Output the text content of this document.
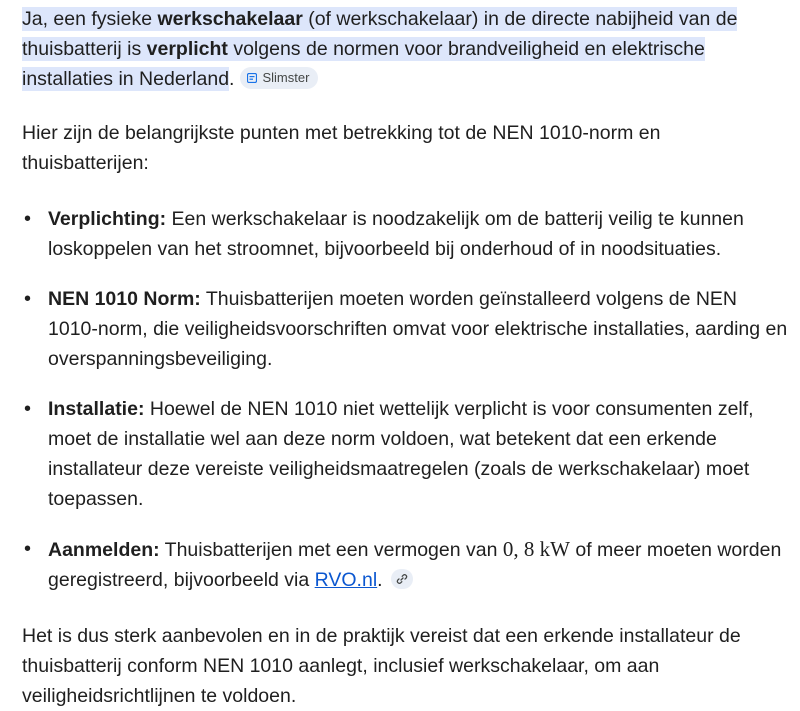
Ja, een fysieke werkschakelaar (of werkschakelaar) in de directe nabijheid van de thuisbatterij is verplicht volgens de normen voor brandveiligheid en elektrische installaties in Nederland. Slimster

Hier zijn de belangrijkste punten met betrekking tot de NEN 1010-norm en thuisbatterijen:

• Verplichting: Een werkschakelaar is noodzakelijk om de batterij veilig te kunnen loskoppelen van het stroomnet, bijvoorbeeld bij onderhoud of in noodsituaties.
• NEN 1010 Norm: Thuisbatterijen moeten worden geïnstalleerd volgens de NEN 1010-norm, die veiligheidsvoorschriften omvat voor elektrische installaties, aarding en overspanningsbeveiliging.
• Installatie: Hoewel de NEN 1010 niet wettelijk verplicht is voor consumenten zelf, moet de installatie wel aan deze norm voldoen, wat betekent dat een erkende installateur deze vereiste veiligheidsmaatregelen (zoals de werkschakelaar) moet toepassen.
• Aanmelden: Thuisbatterijen met een vermogen van 0, 8 kW of meer moeten worden geregistreerd, bijvoorbeeld via RVO.nl.

Het is dus sterk aanbevolen en in de praktijk vereist dat een erkende installateur de thuisbatterij conform NEN 1010 aanlegt, inclusief werkschakelaar, om aan veiligheidsrichtlijnen te voldoen.
